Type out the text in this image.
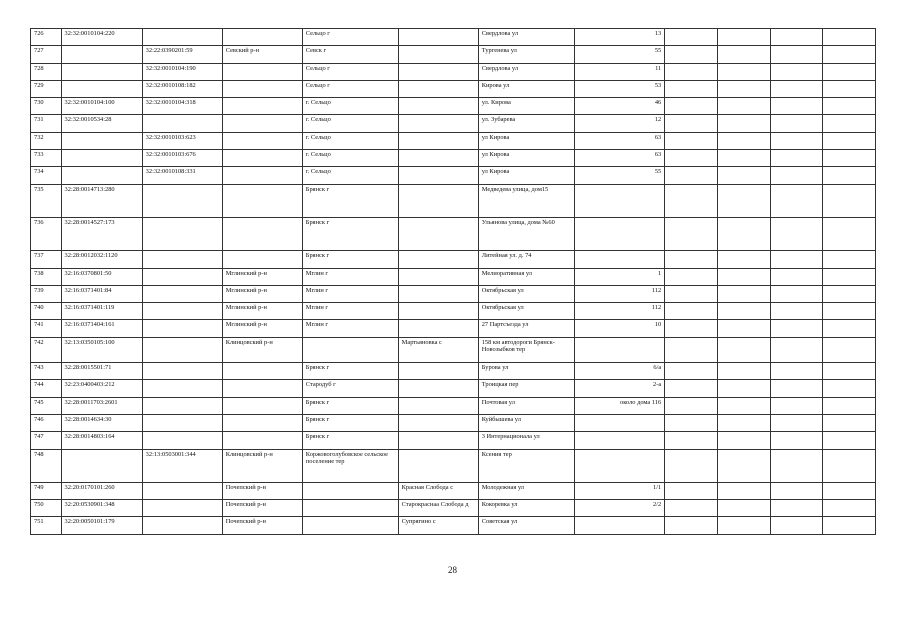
726	32:32:0010104:220			Сельцо г		Свердлова ул	13				
727		32:22:0390201:59	Севский р-н	Севск г		Тургенева ул	55				
728		32:32:0010104:190		Сельцо г		Свердлова ул	11				
729		32:32:0010108:182		Сельцо г		Кирова ул	53				
730	32:32:0010104:100	32:32:0010104:318		г. Сельцо		ул. Кирова	46				
731	32:32:0010534:28			г. Сельцо		ул. Зубарева	12				
732		32:32:0010103:623		г. Сельцо		ул Кирова	63				
733		32:32:0010103:676		г. Сельцо		ул Кирова	63				
734		32:32:0010108:331		г. Сельцо		ул Кирова	55				
735	32:28:0014713:280			Брянск г		Медведева улица, дом15					
736	32:28:0014527:173			Брянск г		Ульянова улица, дома №60					
737	32:28:0012032:1120			Брянск г		Литейная ул. д. 74					
738	32:16:0370801:50		Мглинский р-н	Мглин г		Мелиоративная ул	1				
739	32:16:0371401:84		Мглинский р-н	Мглин г		Октябрьская ул	112				
740	32:16:0371401:119		Мглинский р-н	Мглин г		Октябрьская ул	112				
741	32:16:0371404:161		Мглинский р-н	Мглин г		27 Партсъезда ул	10				
742	32:13:0350105:100		Клинцовский р-н		Мартьяновка с	158 км автодороги Брянск-Новозыбков тер					
743	32:28:0015501:71			Брянск г		Бурова ул	6/а				
744	32:23:0400403:212			Стародуб г		Троицкая пер	2-а				
745	32:28:0011703:2601			Брянск г		Почтовая ул	около дома 116				
746	32:28:0014634:30			Брянск г		Куйбышева ул					
747	32:28:0014803:164			Брянск г		3 Интернационала ул					
748		32:13:0503001:344	Клинцовский р-н	Коржовоголубовское сельское поселение тер		Ксения тер					
749	32:20:0170101:260		Почепский р-н		Красная Слобода с	Молодежная ул	1/1				
750	32:20:0530901:348		Почепский р-н		Старокраснаа Слобода д	Кокоревка ул	2/2				
751	32:20:0050101:179		Почепский р-н		Супрягино с	Советская ул					
28
